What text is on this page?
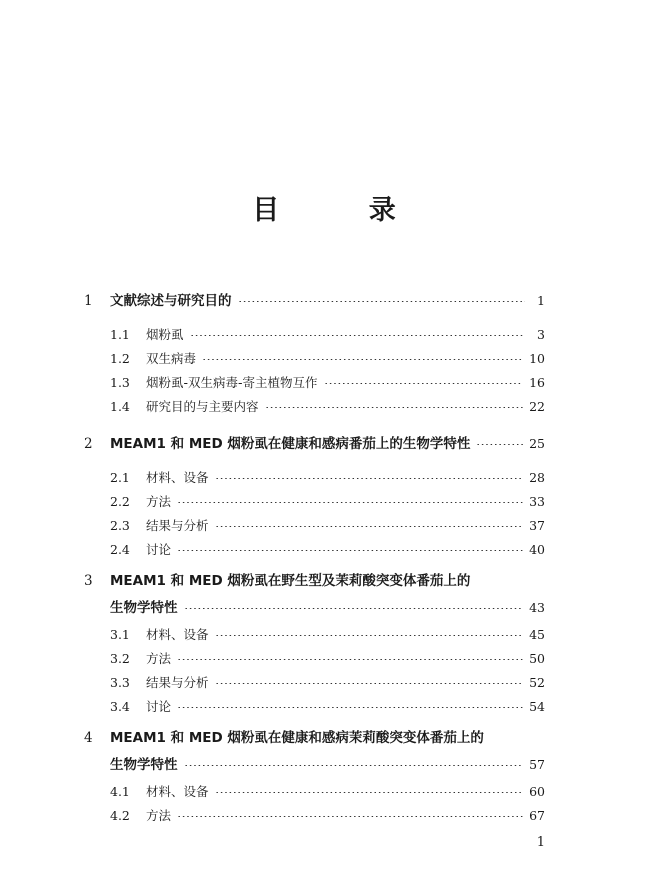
目 录
1	文献综述与研究目的	1
1.1	烟粉虱	3
1.2	双生病毒	10
1.3	烟粉虱-双生病毒-寄主植物互作	16
1.4	研究目的与主要内容	22
2	MEAM1 和 MED 烟粉虱在健康和感病番茄上的生物学特性	25
2.1	材料、设备	28
2.2	方法	33
2.3	结果与分析	37
2.4	讨论	40
3	MEAM1 和 MED 烟粉虱在野生型及茉莉酸突变体番茄上的
生物学特性	43
3.1	材料、设备	45
3.2	方法	50
3.3	结果与分析	52
3.4	讨论	54
4	MEAM1 和 MED 烟粉虱在健康和感病茉莉酸突变体番茄上的
生物学特性	57
4.1	材料、设备	60
4.2	方法	67
1
